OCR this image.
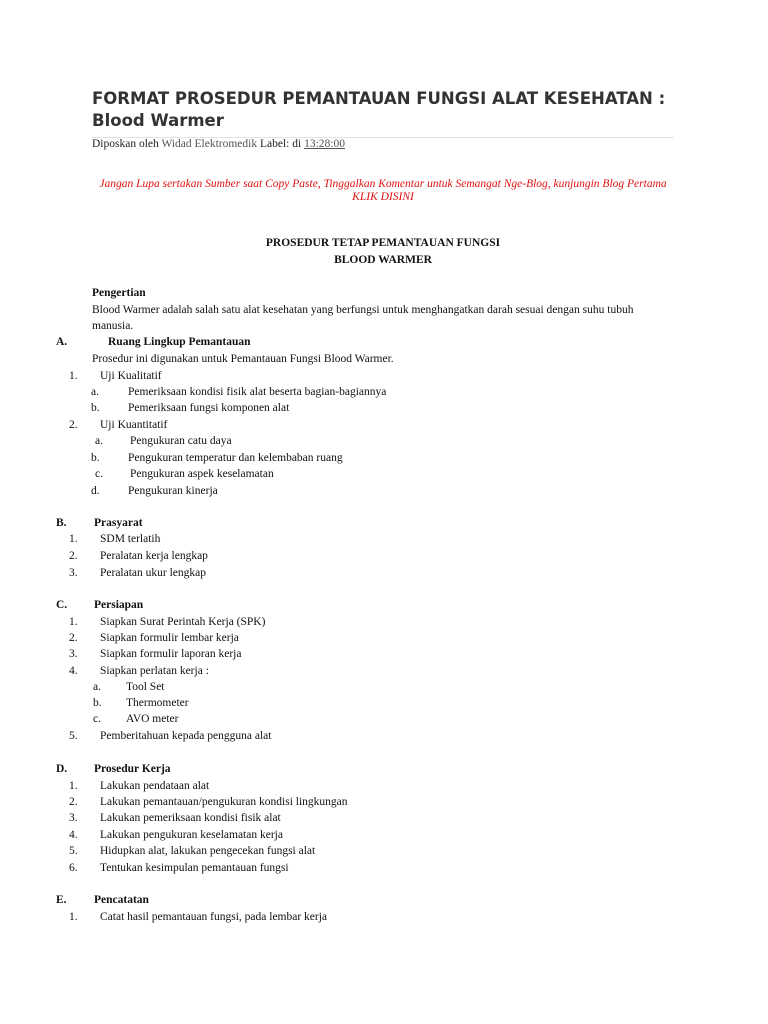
FORMAT PROSEDUR PEMANTAUAN FUNGSI ALAT KESEHATAN : Blood Warmer
Diposkan oleh Widad Elektromedik Label: di 13:28:00
Jangan Lupa sertakan Sumber saat Copy Paste, Tinggalkan Komentar untuk Semangat Nge-Blog, kunjungin Blog Pertama KLIK DISINI
PROSEDUR TETAP PEMANTAUAN FUNGSI
BLOOD WARMER
Pengertian
Blood Warmer adalah salah satu alat kesehatan yang berfungsi untuk menghangatkan darah sesuai dengan suhu tubuh manusia.
A.	Ruang Lingkup Pemantauan
Prosedur ini digunakan untuk Pemantauan Fungsi Blood Warmer.
1. Uji Kualitatif
a.	Pemeriksaan kondisi fisik alat beserta bagian-bagiannya
b. Pemeriksaan fungsi komponen alat
2. Uji Kuantitatif
a. Pengukuran catu daya
b. Pengukuran temperatur dan kelembaban ruang
c. Pengukuran aspek keselamatan
d. Pengukuran kinerja
B. Prasyarat
1. SDM terlatih
2. Peralatan kerja lengkap
3. Peralatan ukur lengkap
C. Persiapan
1. Siapkan Surat Perintah Kerja (SPK)
2. Siapkan formulir lembar kerja
3. Siapkan formulir laporan kerja
4. Siapkan perlatan kerja :
a. Tool Set
b. Thermometer
c. AVO meter
5. Pemberitahuan kepada pengguna alat
D. Prosedur Kerja
1. Lakukan pendataan alat
2. Lakukan pemantauan/pengukuran kondisi lingkungan
3. Lakukan pemeriksaan kondisi fisik alat
4. Lakukan pengukuran keselamatan kerja
5. Hidupkan alat, lakukan pengecekan fungsi alat
6. Tentukan kesimpulan pemantauan fungsi
E. Pencatatan
1. Catat hasil pemantauan fungsi, pada lembar kerja
